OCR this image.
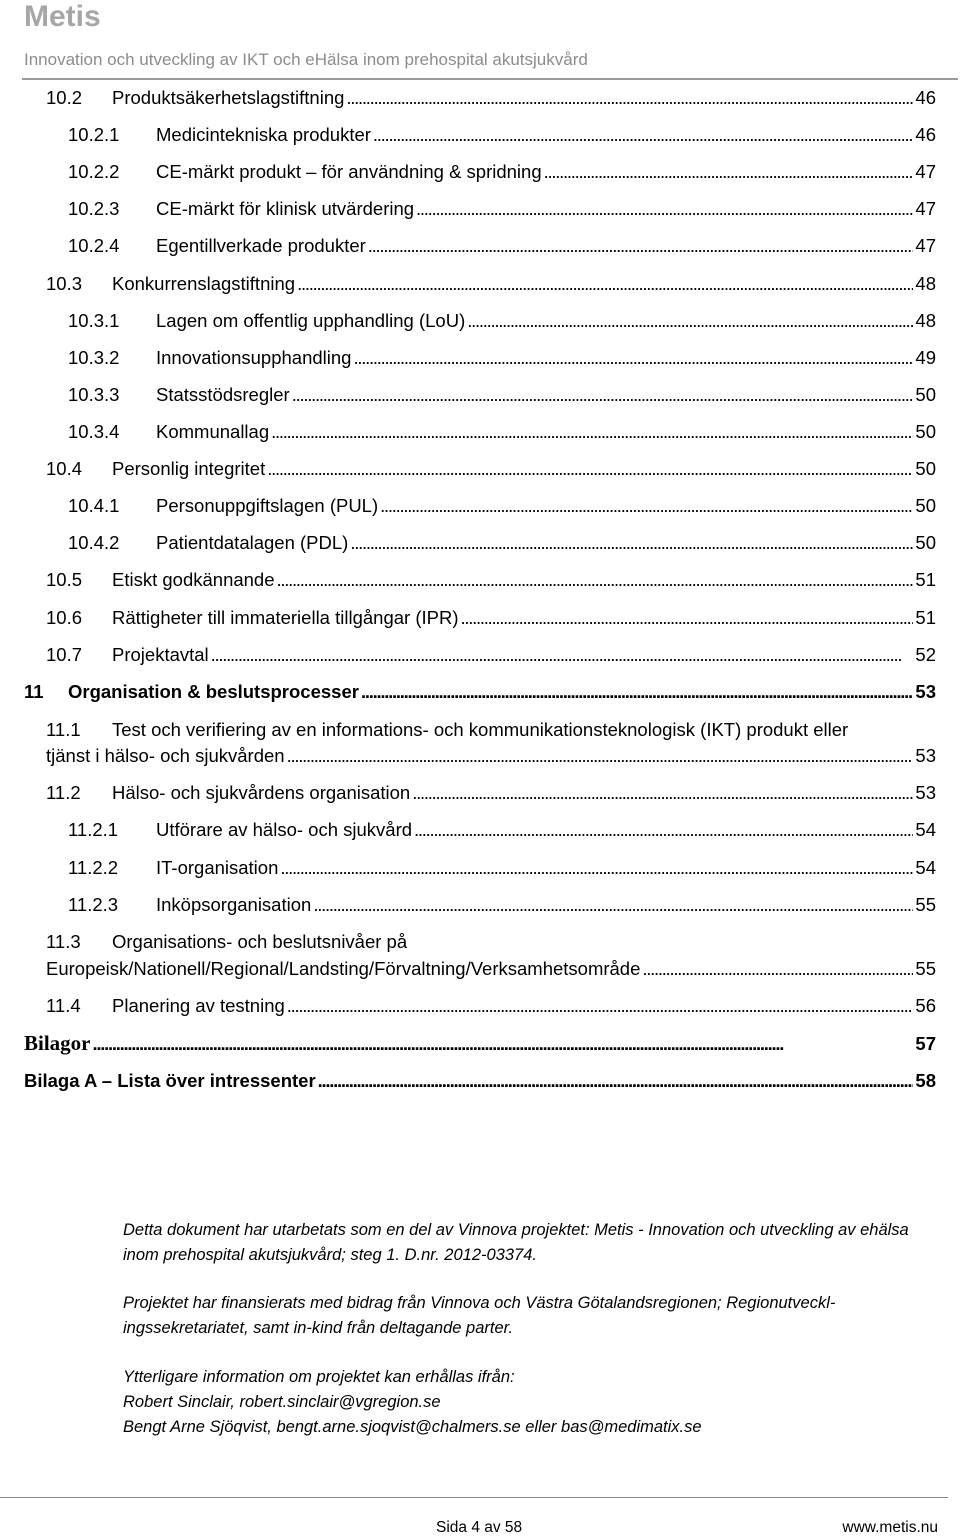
Metis
Innovation och utveckling av IKT och eHälsa inom prehospital akutsjukvård
10.2	Produktsäkerhetslagstiftning . . .	46
10.2.1	Medicintekniska produkter . . .	46
10.2.2	CE-märkt produkt – för användning & spridning . . .	47
10.2.3	CE-märkt för klinisk utvärdering . . .	47
10.2.4	Egentillverkade produkter . . .	47
10.3	Konkurrenslagstiftning . . .	48
10.3.1	Lagen om offentlig upphandling (LoU) . . .	48
10.3.2	Innovationsupphandling . . .	49
10.3.3	Statsstödsregler . . .	50
10.3.4	Kommunallag . . .	50
10.4	Personlig integritet . . .	50
10.4.1	Personuppgiftslagen (PUL) . . .	50
10.4.2	Patientdatalagen (PDL) . . .	50
10.5	Etiskt godkännande . . .	51
10.6	Rättigheter till immateriella tillgångar (IPR) . . .	51
10.7	Projektavtal . . .	52
11	Organisation & beslutsprocesser . . .	53
11.1 Test och verifiering av en informations- och kommunikationsteknologisk (IKT) produkt eller
tjänst i hälso- och sjukvården . . .	53
11.2	Hälso- och sjukvårdens organisation . . .	53
11.2.1	Utförare av hälso- och sjukvård . . .	54
11.2.2	IT-organisation . . .	54
11.2.3	Inköpsorganisation . . .	55
11.3 Organisations- och beslutsnivåer på
Europeisk/Nationell/Regional/Landsting/Förvaltning/Verksamhetsområde . . .	55
11.4	Planering av testning . . .	56
Bilagor . . .	57
Bilaga A – Lista över intressenter . . .	58
Detta dokument har utarbetats som en del av Vinnova projektet: Metis - Innovation och utveckling av ehälsa inom prehospital akutsjukvård; steg 1. D.nr. 2012-03374.
Projektet har finansierats med bidrag från Vinnova och Västra Götalandsregionen; Regionutveckl-ingssekretariatet, samt in-kind från deltagande parter.
Ytterligare information om projektet kan erhållas ifrån:
Robert Sinclair, robert.sinclair@vgregion.se
Bengt Arne Sjöqvist, bengt.arne.sjoqvist@chalmers.se eller bas@medimatix.se
Sida 4 av 58	www.metis.nu
